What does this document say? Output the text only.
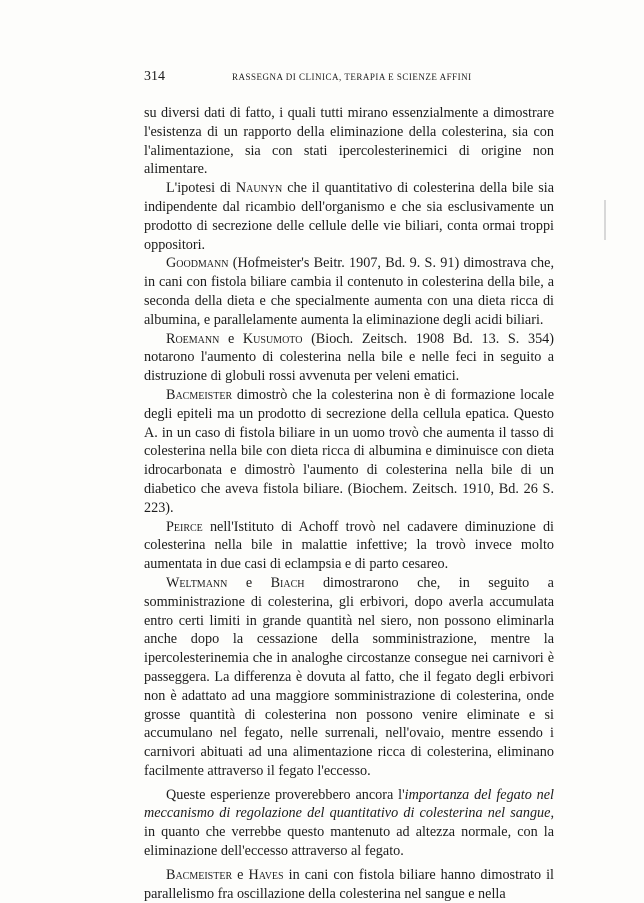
314	RASSEGNA DI CLINICA, TERAPIA E SCIENZE AFFINI

su diversi dati di fatto, i quali tutti mirano essenzialmente a dimostrare l'esistenza di un rapporto della eliminazione della colesterina, sia con l'alimentazione, sia con stati ipercolesterinemici di origine non alimentare.

L'ipotesi di Naunyn che il quantitativo di colesterina della bile sia indipendente dal ricambio dell'organismo e che sia esclusivamente un prodotto di secrezione delle cellule delle vie biliari, conta ormai troppi oppositori.

Goodmann (Hofmeister's Beitr. 1907, Bd. 9. S. 91) dimostrava che, in cani con fistola biliare cambia il contenuto in colesterina della bile, a seconda della dieta e che specialmente aumenta con una dieta ricca di albumina, e parallelamente aumenta la eliminazione degli acidi biliari.

Roemann e Kusumoto (Bioch. Zeitsch. 1908 Bd. 13. S. 354) notarono l'aumento di colesterina nella bile e nelle feci in seguito a distruzione di globuli rossi avvenuta per veleni ematici.

Bacmeister dimostrò che la colesterina non è di formazione locale degli epiteli ma un prodotto di secrezione della cellula epatica. Questo A. in un caso di fistola biliare in un uomo trovò che aumenta il tasso di colesterina nella bile con dieta ricca di albumina e diminuisce con dieta idrocarbonata e dimostrò l'aumento di colesterina nella bile di un diabetico che aveva fistola biliare. (Biochem. Zeitsch. 1910, Bd. 26 S. 223).

Peirce nell'Istituto di Achoff trovò nel cadavere diminuzione di colesterina nella bile in malattie infettive; la trovò invece molto aumentata in due casi di eclampsia e di parto cesareo.

Weltmann e Biach dimostrarono che, in seguito a somministrazione di colesterina, gli erbivori, dopo averla accumulata entro certi limiti in grande quantità nel siero, non possono eliminarla anche dopo la cessazione della somministrazione, mentre la ipercolesterinemia che in analoghe circostanze consegue nei carnivori è passeggera. La differenza è dovuta al fatto, che il fegato degli erbivori non è adattato ad una maggiore somministrazione di colesterina, onde grosse quantità di colesterina non possono venire eliminate e si accumulano nel fegato, nelle surrenali, nell'ovaio, mentre essendo i carnivori abituati ad una alimentazione ricca di colesterina, eliminano facilmente attraverso il fegato l'eccesso.

Queste esperienze proverebbero ancora l'importanza del fegato nel meccanismo di regolazione del quantitativo di colesterina nel sangue, in quanto che verrebbe questo mantenuto ad altezza normale, con la eliminazione dell'eccesso attraverso al fegato.

Bacmeister e Haves in cani con fistola biliare hanno dimostrato il parallelismo fra oscillazione della colesterina nel sangue e nella
